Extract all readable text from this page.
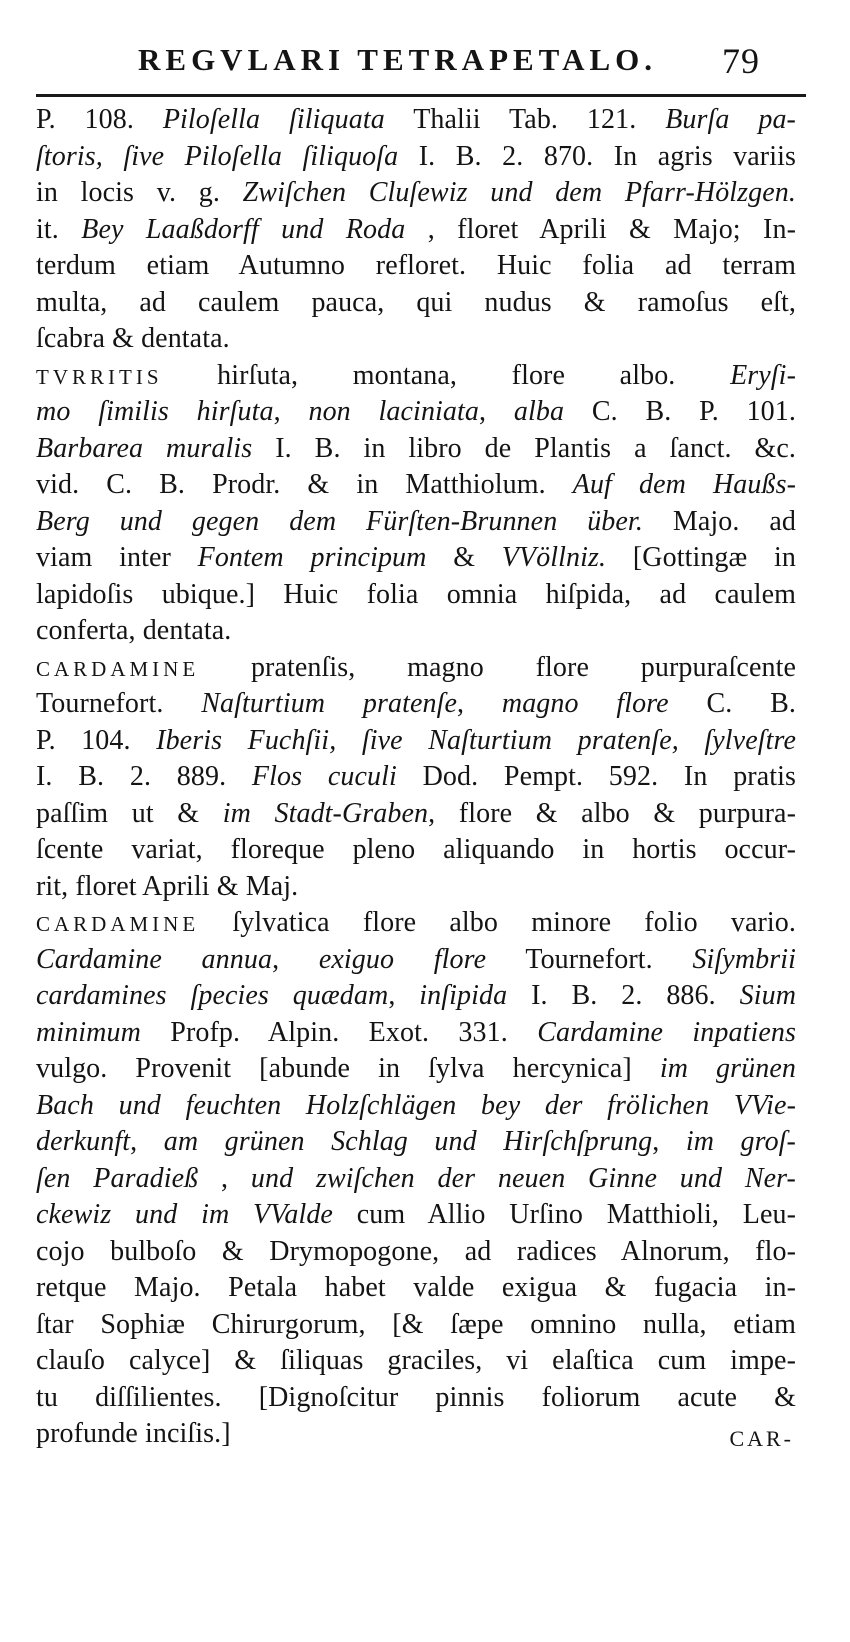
REGVLARI TETRAPETALO. 79
P. 108. Piloſella ſiliquata Thalii Tab. 121. Burſa pa-
ſtoris, ſive Piloſella ſiliquoſa I. B. 2. 870. In agris variis
in locis v. g. Zwiſchen Cluſewiz und dem Pfarr-Hölzgen.
it. Bey Laaßdorff und Roda , floret Aprili & Majo; In-
terdum etiam Autumno refloret. Huic folia ad terram
multa, ad caulem pauca, qui nudus & ramoſus eſt,
ſcabra & dentata.
TVRRITIS hirſuta, montana, flore albo. Eryſi-
mo ſimilis hirſuta, non laciniata, alba C. B. P. 101.
Barbarea muralis I. B. in libro de Plantis a ſanct. &c.
vid. C. B. Prodr. & in Matthiolum. Auf dem Haußs-
Berg und gegen dem Fürſten-Brunnen über. Majo. ad
viam inter Fontem principum & VVöllniz. [Gottingæ in
lapidoſis ubique.] Huic folia omnia hiſpida, ad caulem
conferta, dentata.
CARDAMINE pratenſis, magno flore purpuraſcente
Tournefort. Naſturtium pratenſe, magno flore C. B.
P. 104. Iberis Fuchſii, ſive Naſturtium pratenſe, ſylveſtre
I. B. 2. 889. Flos cuculi Dod. Pempt. 592. In pratis
paſſim ut & im Stadt-Graben, flore & albo & purpura-
ſcente variat, floreque pleno aliquando in hortis occur-
rit, floret Aprili & Maj.
CARDAMINE ſylvatica flore albo minore folio vario.
Cardamine annua, exiguo flore Tournefort. Siſymbrii
cardamines ſpecies quædam, inſipida I. B. 2. 886. Sium
minimum Profp. Alpin. Exot. 331. Cardamine inpatiens
vulgo. Provenit [abunde in ſylva hercynica] im grünen
Bach und feuchten Holzſchlägen bey der frölichen VVie-
derkunft, am grünen Schlag und Hirſchſprung, im groſ-
ſen Paradieß , und zwiſchen der neuen Ginne und Ner-
ckewiz und im VValde cum Allio Urſino Matthioli, Leu-
cojo bulboſo & Drymopogone, ad radices Alnorum, flo-
retque Majo. Petala habet valde exigua & fugacia in-
ſtar Sophiæ Chirurgorum, [& ſæpe omnino nulla, etiam
clauſo calyce] & ſiliquas graciles, vi elaſtica cum impe-
tu diſſilientes. [Dignoſcitur pinnis foliorum acute &
profunde inciſis.]	CAR-
